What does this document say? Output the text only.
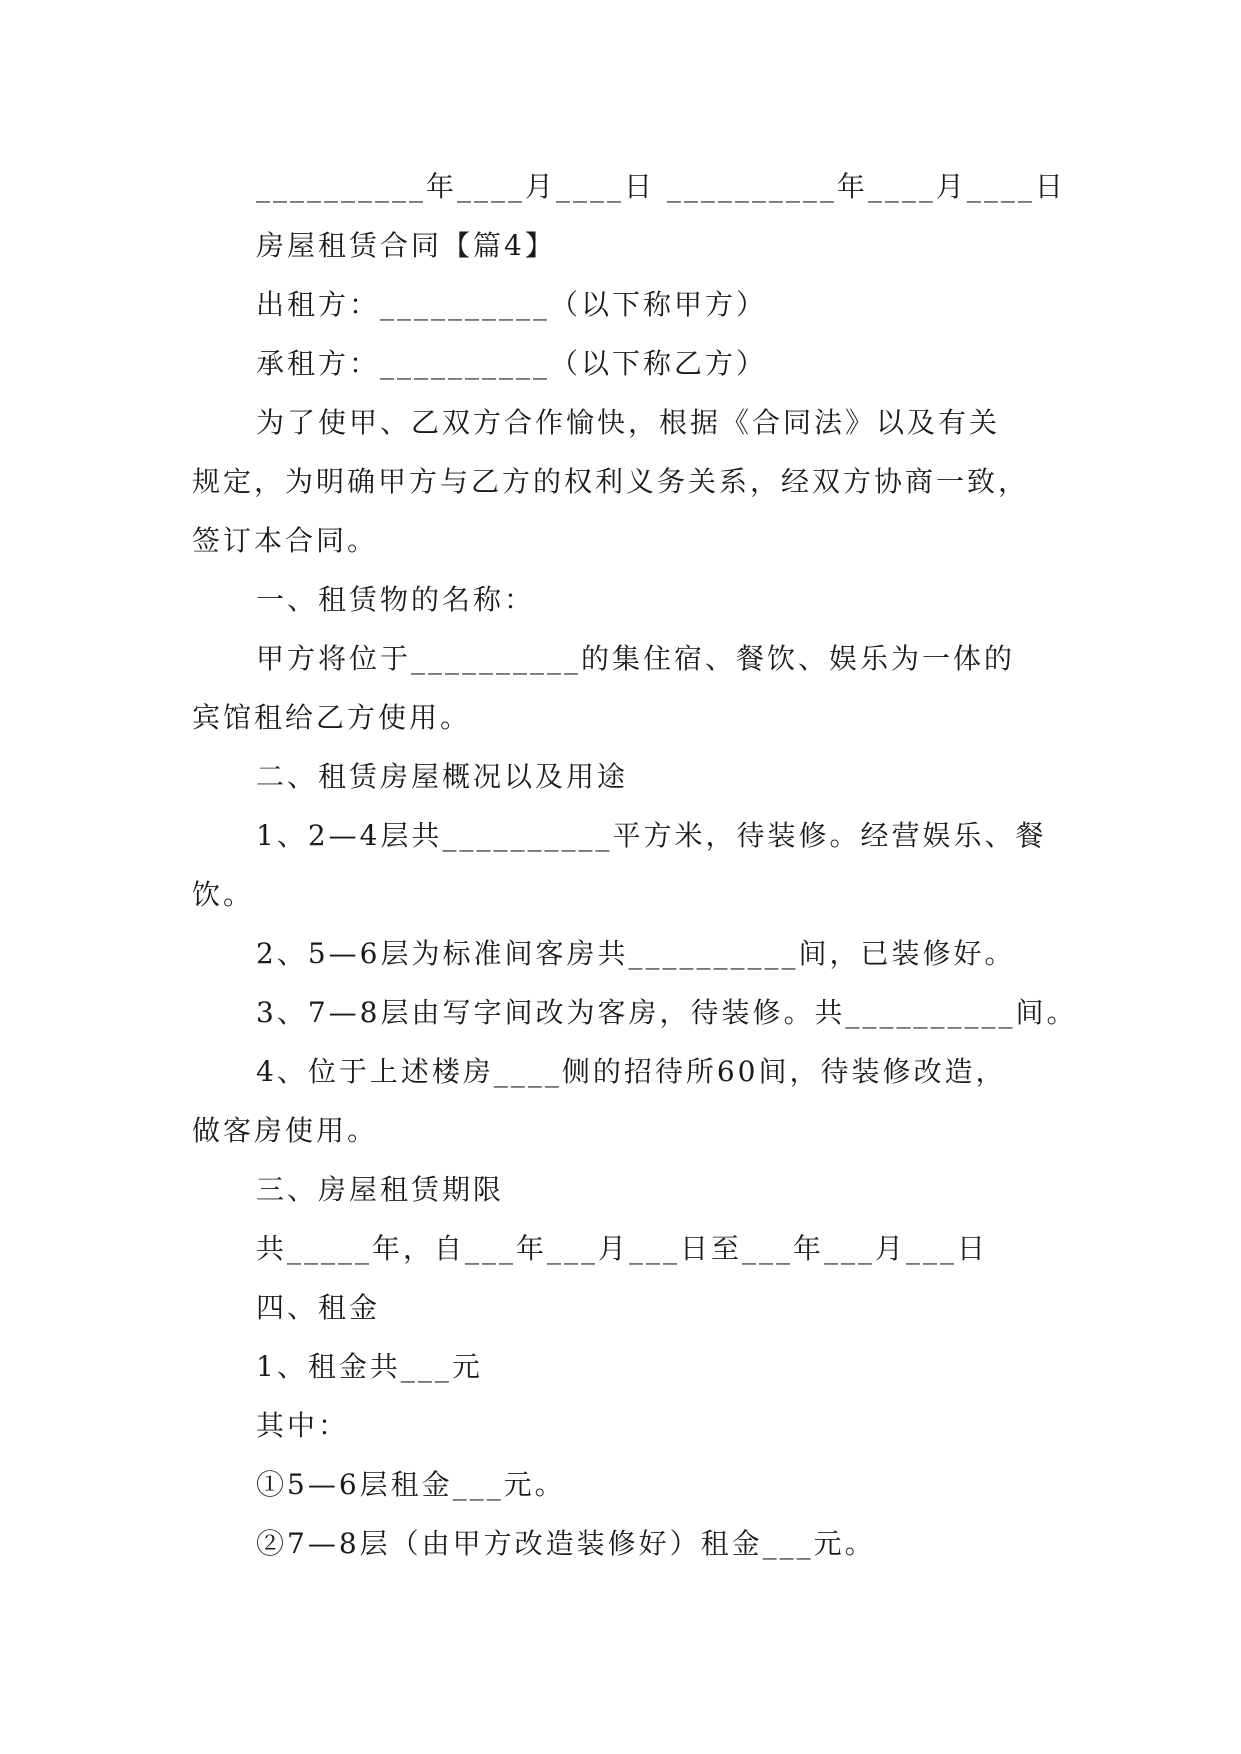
__________年____月____日 __________年____月____日

房屋租赁合同【篇4】

出租方：__________（以下称甲方）

承租方：__________（以下称乙方）

为了使甲、乙双方合作愉快，根据《合同法》以及有关

规定，为明确甲方与乙方的权利义务关系，经双方协商一致，

签订本合同。

一、租赁物的名称：

甲方将位于__________的集住宿、餐饮、娱乐为一体的

宾馆租给乙方使用。

二、租赁房屋概况以及用途

1、2—4层共__________平方米，待装修。经营娱乐、餐

饮。

2、5—6层为标准间客房共__________间，已装修好。

3、7—8层由写字间改为客房，待装修。共__________间。

4、位于上述楼房____侧的招待所60间，待装修改造，

做客房使用。

三、房屋租赁期限

共_____年，自___年___月___日至___年___月___日

四、租金

1、租金共___元

其中：

①5—6层租金___元。

②7—8层（由甲方改造装修好）租金___元。
